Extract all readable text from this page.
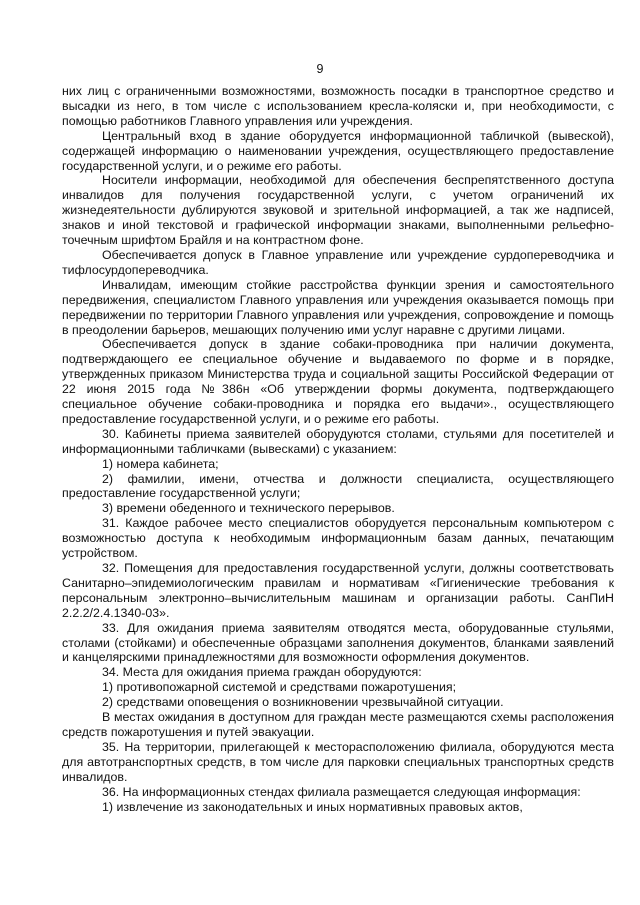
9

них лиц с ограниченными возможностями, возможность посадки в транспортное средство и высадки из него, в том числе с использованием кресла-коляски и, при необходимости, с помощью работников Главного управления или учреждения.

Центральный вход в здание оборудуется информационной табличкой (вывеской), содержащей информацию о наименовании учреждения, осуществляющего предоставление государственной услуги, и о режиме его работы.

Носители информации, необходимой для обеспечения беспрепятственного доступа инвалидов для получения государственной услуги, с учетом ограничений их жизнедеятельности дублируются звуковой и зрительной информацией, а так же надписей, знаков и иной текстовой и графической информации знаками, выполненными рельефно-точечным шрифтом Брайля и на контрастном фоне.

Обеспечивается допуск в Главное управление или учреждение сурдопереводчика и тифлосурдопереводчика.

Инвалидам, имеющим стойкие расстройства функции зрения и самостоятельного передвижения, специалистом Главного управления или учреждения оказывается помощь при передвижении по территории Главного управления или учреждения, сопровождение и помощь в преодолении барьеров, мешающих получению ими услуг наравне с другими лицами.

Обеспечивается допуск в здание собаки-проводника при наличии документа, подтверждающего ее специальное обучение и выдаваемого по форме и в порядке, утвержденных приказом Министерства труда и социальной защиты Российской Федерации от 22 июня 2015 года №386н «Об утверждении формы документа, подтверждающего специальное обучение собаки-проводника и порядка его выдачи»., осуществляющего предоставление государственной услуги, и о режиме его работы.

30. Кабинеты приема заявителей оборудуются столами, стульями для посетителей и информационными табличками (вывесками) с указанием:

1) номера кабинета;

2) фамилии, имени, отчества и должности специалиста, осуществляющего предоставление государственной услуги;

3) времени обеденного и технического перерывов.

31. Каждое рабочее место специалистов оборудуется персональным компьютером с возможностью доступа к необходимым информационным базам данных, печатающим устройством.

32. Помещения для предоставления государственной услуги, должны соответствовать Санитарно–эпидемиологическим правилам и нормативам «Гигиенические требования к персональным электронно–вычислительным машинам и организации работы. СанПиН 2.2.2/2.4.1340-03».

33. Для ожидания приема заявителям отводятся места, оборудованные стульями, столами (стойками) и обеспеченные образцами заполнения документов, бланками заявлений и канцелярскими принадлежностями для возможности оформления документов.

34. Места для ожидания приема граждан оборудуются:

1) противопожарной системой и средствами пожаротушения;

2) средствами оповещения о возникновении чрезвычайной ситуации.

В местах ожидания в доступном для граждан месте размещаются схемы расположения средств пожаротушения и путей эвакуации.

35. На территории, прилегающей к месторасположению филиала, оборудуются места для автотранспортных средств, в том числе для парковки специальных транспортных средств инвалидов.

36. На информационных стендах филиала размещается следующая информация:

1) извлечение из законодательных и иных нормативных правовых актов,
